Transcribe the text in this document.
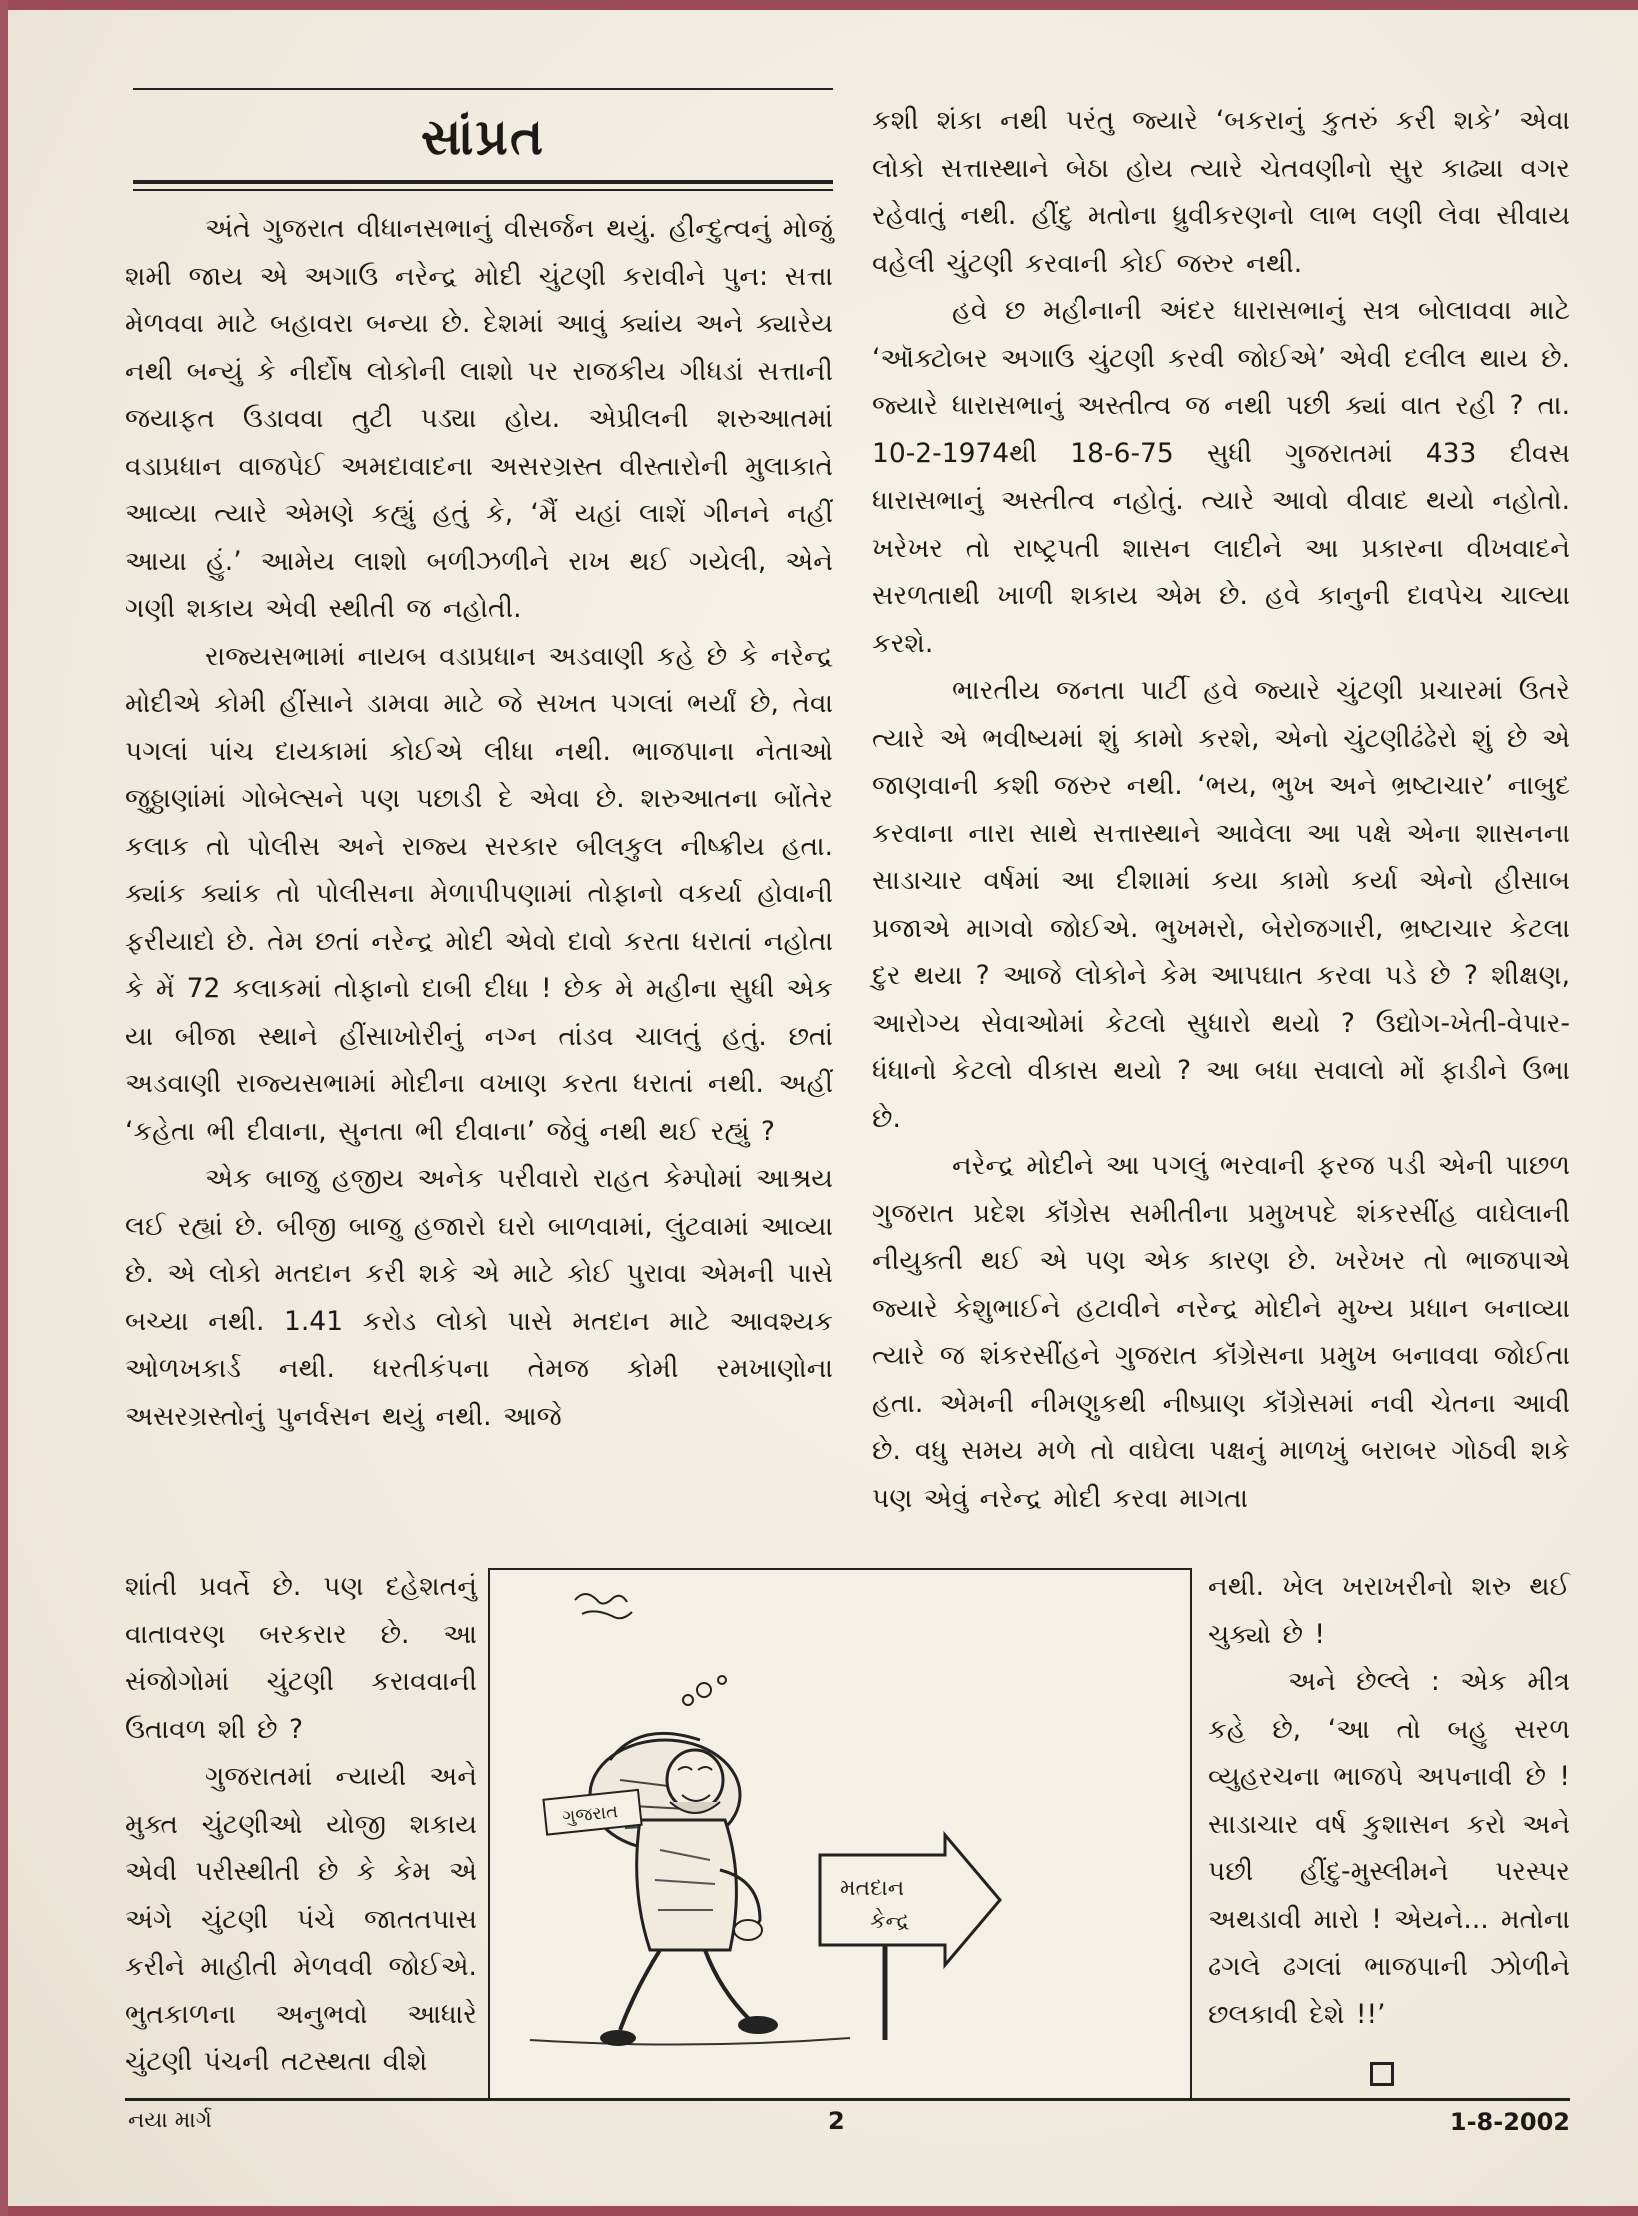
સાંપ્રત

અંતે ગુજરાત વીધાનસભાનું વીસર્જન થયું. હીન્દુત્વનું મોજું શમી જાય એ અગાઉ નરેન્દ્ર મોદી ચુંટણી કરાવીને પુન: સત્તા મેળવવા માટે બહાવરા બન્યા છે. દેશમાં આવું ક્યાંય અને ક્યારેય નથી બન્યું કે નીર્દોષ લોકોની લાશો પર રાજકીય ગીધડાં સત્તાની જયાફત ઉડાવવા તુટી પડ્યા હોય. એપ્રીલની શરુઆતમાં વડાપ્રધાન વાજપેઈ અમદાવાદના અસરગ્રસ્ત વીસ્તારોની મુલાકાતે આવ્યા ત્યારે એમણે કહ્યું હતું કે, ‘મૈં યહાં લાશેં ગીનને નહીં આયા હું.’ આમેય લાશો બળીઝળીને રાખ થઈ ગયેલી, એને ગણી શકાય એવી સ્થીતી જ નહોતી.

રાજ્યસભામાં નાયબ વડાપ્રધાન અડવાણી કહે છે કે નરેન્દ્ર મોદીએ કોમી હીંસાને ડામવા માટે જે સખત પગલાં ભર્યાં છે, તેવા પગલાં પાંચ દાયકામાં કોઈએ લીધા નથી. ભાજપાના નેતાઓ જુઠ્ઠાણાંમાં ગોબેલ્સને પણ પછાડી દે એવા છે. શરુઆતના બોંતેર કલાક તો પોલીસ અને રાજ્ય સરકાર બીલકુલ નીષ્ક્રીય હતા. ક્યાંક ક્યાંક તો પોલીસના મેળાપીપણામાં તોફાનો વકર્યા હોવાની ફરીયાદો છે. તેમ છતાં નરેન્દ્ર મોદી એવો દાવો કરતા ધરાતાં નહોતા કે મેં 72 કલાકમાં તોફાનો દાબી દીધા ! છેક મે મહીના સુધી એક યા બીજા સ્થાને હીંસાખોરીનું નગ્ન તાંડવ ચાલતું હતું. છતાં અડવાણી રાજ્યસભામાં મોદીના વખાણ કરતા ધરાતાં નથી. અહીં ‘કહેતા ભી દીવાના, સુનતા ભી દીવાના’ જેવું નથી થઈ રહ્યું ?

એક બાજુ હજીય અનેક પરીવારો રાહત કેમ્પોમાં આશ્રય લઈ રહ્યાં છે. બીજી બાજુ હજારો ઘરો બાળવામાં, લુંટવામાં આવ્યા છે. એ લોકો મતદાન કરી શકે એ માટે કોઈ પુરાવા એમની પાસે બચ્યા નથી. 1.41 કરોડ લોકો પાસે મતદાન માટે આવશ્યક ઓળખકાર્ડ નથી. ધરતીકંપના તેમજ કોમી રમખાણોના અસરગ્રસ્તોનું પુનર્વસન થયું નથી. આજે

શાંતી પ્રવર્તે છે. પણ દહેશતનું વાતાવરણ બરકરાર છે. આ સંજોગોમાં ચુંટણી કરાવવાની ઉતાવળ શી છે ?

ગુજરાતમાં ન્યાયી અને મુક્ત ચુંટણીઓ યોજી શકાય એવી પરીસ્થીતી છે કે કેમ એ અંગે ચુંટણી પંચે જાતતપાસ કરીને માહીતી મેળવવી જોઈએ. ભુતકાળના અનુભવો આધારે ચુંટણી પંચની તટસ્થતા વીશે

કશી શંકા નથી પરંતુ જ્યારે ‘બકરાનું કુતરું કરી શકે’ એવા લોકો સત્તાસ્થાને બેઠા હોય ત્યારે ચેતવણીનો સુર કાઢ્યા વગર રહેવાતું નથી. હીંદુ મતોના ધ્રુવીકરણનો લાભ લણી લેવા સીવાય વહેલી ચુંટણી કરવાની કોઈ જરુર નથી.

હવે છ મહીનાની અંદર ધારાસભાનું સત્ર બોલાવવા માટે ‘ઑક્ટોબર અગાઉ ચુંટણી કરવી જોઈએ’ એવી દલીલ થાય છે. જ્યારે ધારાસભાનું અસ્તીત્વ જ નથી પછી ક્યાં વાત રહી ? તા. 10-2-1974થી 18-6-75 સુધી ગુજરાતમાં 433 દીવસ ધારાસભાનું અસ્તીત્વ નહોતું. ત્યારે આવો વીવાદ થયો નહોતો. ખરેખર તો રાષ્ટ્રપતી શાસન લાદીને આ પ્રકારના વીખવાદને સરળતાથી ખાળી શકાય એમ છે. હવે કાનુની દાવપેચ ચાલ્યા કરશે.

ભારતીય જનતા પાર્ટી હવે જ્યારે ચુંટણી પ્રચારમાં ઉતરે ત્યારે એ ભવીષ્યમાં શું કામો કરશે, એનો ચુંટણીઢંઢેરો શું છે એ જાણવાની કશી જરુર નથી. ‘ભય, ભુખ અને ભ્રષ્ટાચાર’ નાબુદ કરવાના નારા સાથે સત્તાસ્થાને આવેલા આ પક્ષે એના શાસનના સાડાચાર વર્ષમાં આ દીશામાં કયા કામો કર્યા એનો હીસાબ પ્રજાએ માગવો જોઈએ. ભુખમરો, બેરોજગારી, ભ્રષ્ટાચાર કેટલા દુર થયા ? આજે લોકોને કેમ આપઘાત કરવા પડે છે ? શીક્ષણ, આરોગ્ય સેવાઓમાં કેટલો સુધારો થયો ? ઉદ્યોગ-ખેતી-વેપાર-ધંધાનો કેટલો વીકાસ થયો ? આ બધા સવાલો મોં ફાડીને ઉભા છે.

નરેન્દ્ર મોદીને આ પગલું ભરવાની ફરજ પડી એની પાછળ ગુજરાત પ્રદેશ કૉંગ્રેસ સમીતીના પ્રમુખપદે શંકરસીંહ વાઘેલાની નીયુક્તી થઈ એ પણ એક કારણ છે. ખરેખર તો ભાજપાએ જ્યારે કેશુભાઈને હટાવીને નરેન્દ્ર મોદીને મુખ્ય પ્રધાન બનાવ્યા ત્યારે જ શંકરસીંહને ગુજરાત કૉંગ્રેસના પ્રમુખ બનાવવા જોઈતા હતા. એમની નીમણુકથી નીષ્પ્રાણ કૉંગ્રેસમાં નવી ચેતના આવી છે. વધુ સમય મળે તો વાઘેલા પક્ષનું માળખું બરાબર ગોઠવી શકે પણ એવું નરેન્દ્ર મોદી કરવા માગતા

નથી. ખેલ ખરાખરીનો શરુ થઈ ચુક્યો છે !

અને છેલ્લે : એક મીત્ર કહે છે, ‘આ તો બહુ સરળ વ્યુહરચના ભાજપે અપનાવી છે ! સાડાચાર વર્ષ કુશાસન કરો અને પછી હીંદુ-મુસ્લીમને પરસ્પર અથડાવી મારો ! એયને... મતોના ઢગલે ઢગલાં ભાજપાની ઝોળીને છલકાવી દેશે !!’

ગુજરાત
મતદાન
કેન્દ્ર
નયા માર્ગ	2	1-8-2002
